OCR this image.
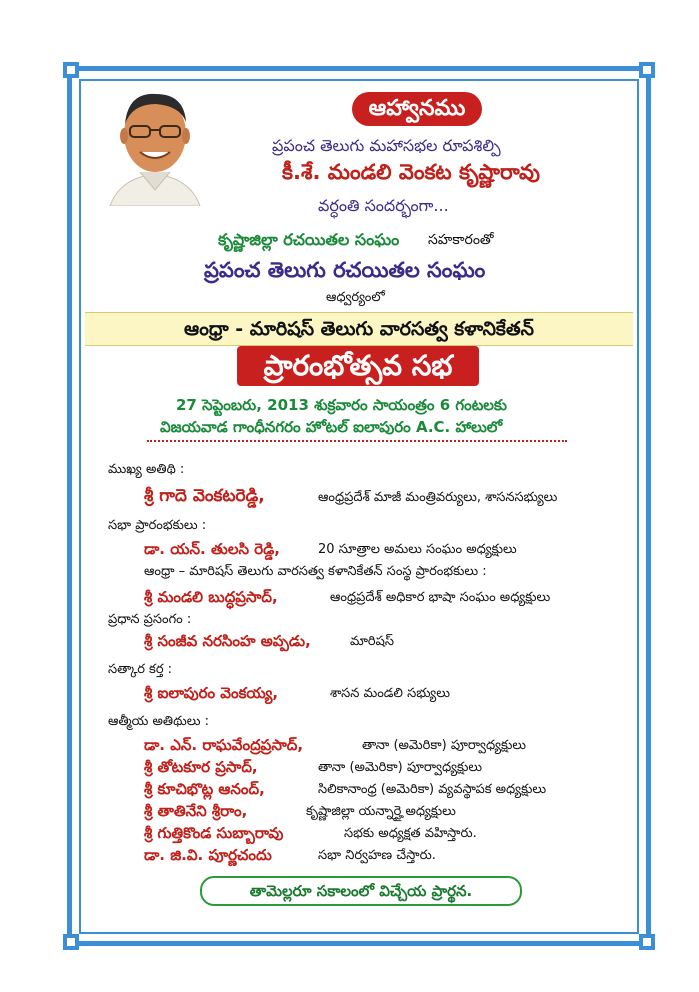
ఆహ్వానము
ప్రపంచ తెలుగు మహాసభల రూపశిల్పి
కీ.శే. మండలి వెంకట కృష్ణారావు
వర్ధంతి సందర్భంగా...
కృష్ణాజిల్లా రచయితల సంఘం సహకారంతో
ప్రపంచ తెలుగు రచయితల సంఘం
ఆధ్వర్యంలో
ఆంధ్రా - మారిషస్ తెలుగు వారసత్వ కళానికేతన్
ప్రారంభోత్సవ సభ
27 సెప్టెంబరు, 2013 శుక్రవారం సాయంత్రం 6 గంటలకు
విజయవాడ గాంధీనగరం హోటల్ ఐలాపురం A.C. హాలులో
ముఖ్య అతిథి :
శ్రీ గాదె వెంకటరెడ్డి,	ఆంధ్రప్రదేశ్ మాజీ మంత్రివర్యులు, శాసనసభ్యులు
సభా ప్రారంభకులు :
డా. యన్. తులసి రెడ్డి,	20 సూత్రాల అమలు సంఘం అధ్యక్షులు
ఆంధ్రా – మారిషస్ తెలుగు వారసత్వ కళానికేతన్ సంస్థ ప్రారంభకులు :
శ్రీ మండలి బుద్ధప్రసాద్,	ఆంధ్రప్రదేశ్ అధికార భాషా సంఘం అధ్యక్షులు
ప్రధాన ప్రసంగం :
శ్రీ సంజీవ నరసింహ అప్పడు,	మారిషస్
సత్కార కర్త :
శ్రీ ఐలాపురం వెంకయ్య,	శాసన మండలి సభ్యులు
ఆత్మీయ అతిథులు :
డా. ఎన్. రాఘవేంద్రప్రసాద్,	తానా (అమెరికా) పూర్వాధ్యక్షులు
శ్రీ తోటకూర ప్రసాద్,	తానా (అమెరికా) పూర్వాధ్యక్షులు
శ్రీ కూచిభొట్ల ఆనంద్,	సిలికానాంధ్ర (అమెరికా) వ్యవస్థాపక అధ్యక్షులు
శ్రీ తాతినేని శ్రీరాం,	కృష్ణాజిల్లా యన్నార్హై అధ్యక్షులు
శ్రీ గుత్తికొండ సుబ్బారావు	సభకు అధ్యక్షత వహిస్తారు.
డా. జి.వి. పూర్ణచందు	సభా నిర్వహణ చేస్తారు.
తామెల్లరూ సకాలంలో విచ్చేయ ప్రార్థన.
